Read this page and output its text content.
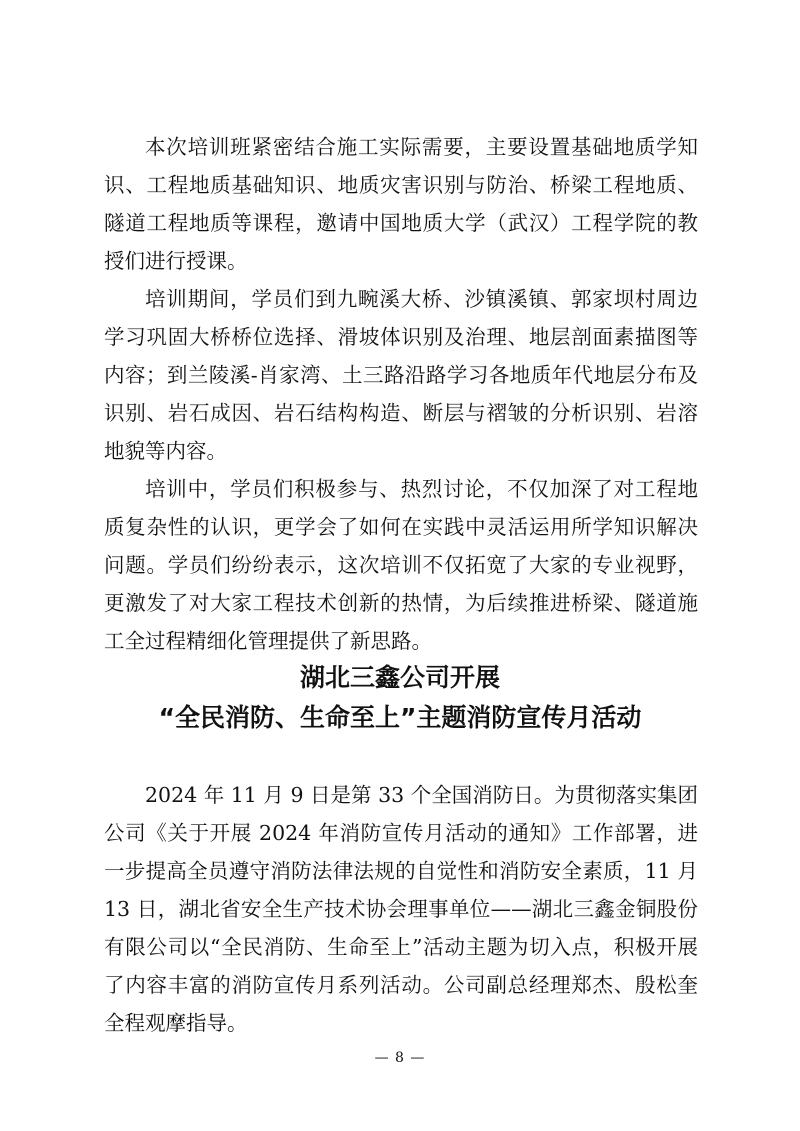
本次培训班紧密结合施工实际需要，主要设置基础地质学知识、工程地质基础知识、地质灾害识别与防治、桥梁工程地质、隧道工程地质等课程，邀请中国地质大学（武汉）工程学院的教授们进行授课。

培训期间，学员们到九畹溪大桥、沙镇溪镇、郭家坝村周边学习巩固大桥桥位选择、滑坡体识别及治理、地层剖面素描图等内容；到兰陵溪-肖家湾、土三路沿路学习各地质年代地层分布及识别、岩石成因、岩石结构构造、断层与褶皱的分析识别、岩溶地貌等内容。

培训中，学员们积极参与、热烈讨论，不仅加深了对工程地质复杂性的认识，更学会了如何在实践中灵活运用所学知识解决问题。学员们纷纷表示，这次培训不仅拓宽了大家的专业视野，更激发了对大家工程技术创新的热情，为后续推进桥梁、隧道施工全过程精细化管理提供了新思路。

湖北三鑫公司开展
“全民消防、生命至上”主题消防宣传月活动

2024 年 11 月 9 日是第 33 个全国消防日。为贯彻落实集团公司《关于开展 2024 年消防宣传月活动的通知》工作部署，进一步提高全员遵守消防法律法规的自觉性和消防安全素质，11 月 13 日，湖北省安全生产技术协会理事单位——湖北三鑫金铜股份有限公司以“全民消防、生命至上”活动主题为切入点，积极开展了内容丰富的消防宣传月系列活动。公司副总经理郑杰、殷松奎全程观摩指导。

— 8 —
